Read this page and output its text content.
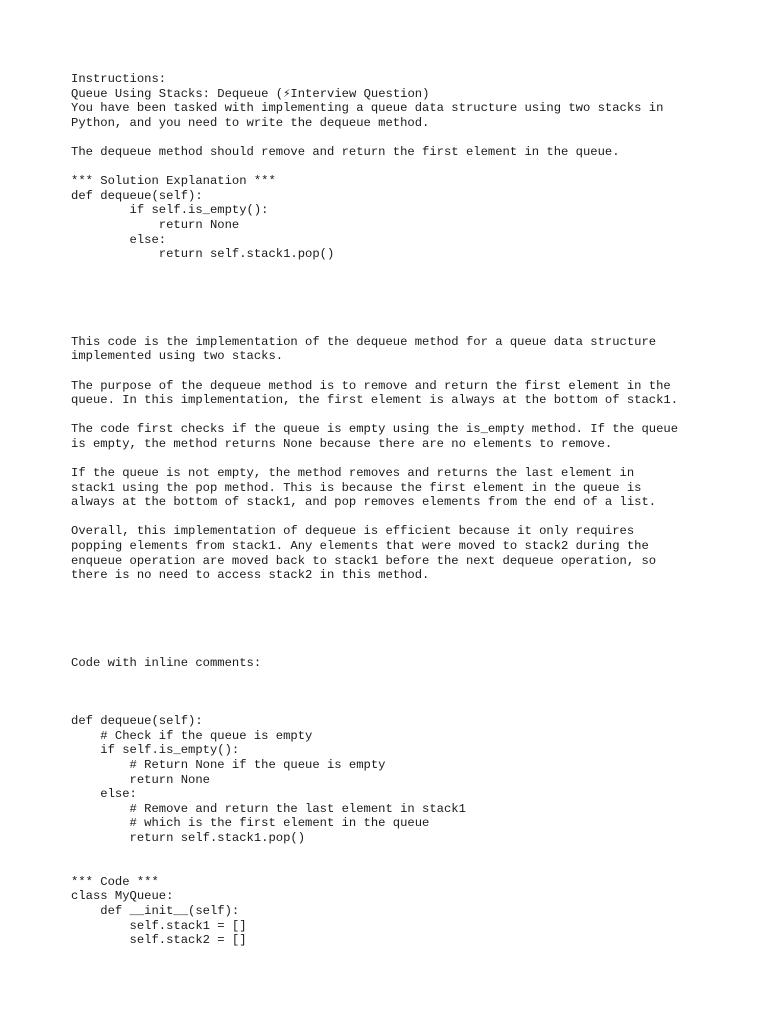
Instructions:
Queue Using Stacks: Dequeue (⚡Interview Question)
You have been tasked with implementing a queue data structure using two stacks in
Python, and you need to write the dequeue method.
The dequeue method should remove and return the first element in the queue.
*** Solution Explanation ***
def dequeue(self):
if self.is_empty():
return None
else:
return self.stack1.pop()
This code is the implementation of the dequeue method for a queue data structure
implemented using two stacks.
The purpose of the dequeue method is to remove and return the first element in the
queue. In this implementation, the first element is always at the bottom of stack1.
The code first checks if the queue is empty using the is_empty method. If the queue
is empty, the method returns None because there are no elements to remove.
If the queue is not empty, the method removes and returns the last element in
stack1 using the pop method. This is because the first element in the queue is
always at the bottom of stack1, and pop removes elements from the end of a list.
Overall, this implementation of dequeue is efficient because it only requires
popping elements from stack1. Any elements that were moved to stack2 during the
enqueue operation are moved back to stack1 before the next dequeue operation, so
there is no need to access stack2 in this method.
Code with inline comments:
def dequeue(self):
# Check if the queue is empty
if self.is_empty():
# Return None if the queue is empty
return None
else:
# Remove and return the last element in stack1
# which is the first element in the queue
return self.stack1.pop()
*** Code ***
class MyQueue:
def __init__(self):
self.stack1 = []
self.stack2 = []
